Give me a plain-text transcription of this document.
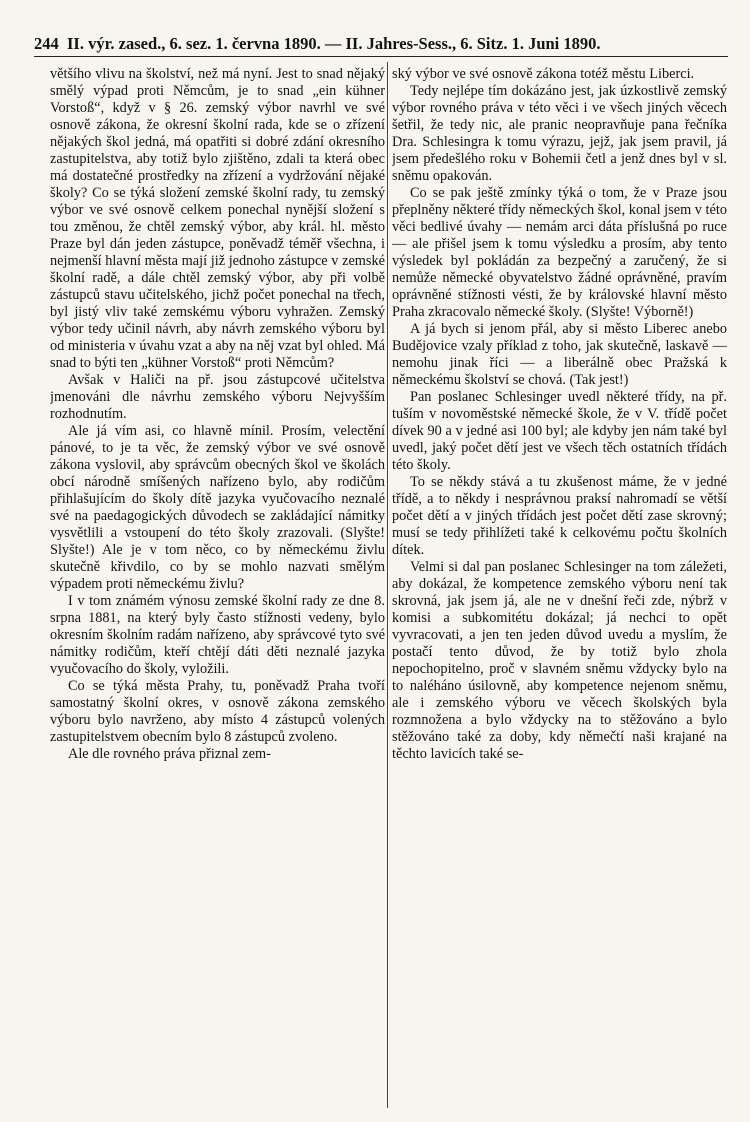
244 II. výr. zased., 6. sez. 1. června 1890. — II. Jahres-Sess., 6. Sitz. 1. Juni 1890.

většího vlivu na školství, než má nyní. Jest to snad nějaký smělý výpad proti Němcům, je to snad „ein kühner Vorstoß“, když v § 26. zemský výbor navrhl ve své osnově zákona, že okresní školní rada, kde se o zřízení nějakých škol jedná, má opatřiti si dobré zdání okresního zastupitelstva, aby totiž bylo zjištěno, zdali ta která obec má dostatečné prostředky na zřízení a vydržování nějaké školy? Co se týká složení zemské školní rady, tu zemský výbor ve své osnově celkem ponechal nynější složení s tou změnou, že chtěl zemský výbor, aby král. hl. město Praze byl dán jeden zástupce, poněvadž téměř všechna, i nejmenší hlavní města mají již jednoho zástupce v zemské školní radě, a dále chtěl zemský výbor, aby při volbě zástupců stavu učitelského, jichž počet ponechal na třech, byl jistý vliv také zemskému výboru vyhražen. Zemský výbor tedy učinil návrh, aby návrh zemského výboru byl od ministeria v úvahu vzat a aby na něj vzat byl ohled. Má snad to býti ten „kühner Vorstoß“ proti Němcům?

Avšak v Haliči na př. jsou zástupcové učitelstva jmenováni dle návrhu zemského výboru Nejvyšším rozhodnutím.

Ale já vím asi, co hlavně mínil. Prosím, velectění pánové, to je ta věc, že zemský výbor ve své osnově zákona vyslovil, aby správcům obecných škol ve školách obcí národně smíšených nařízeno bylo, aby rodičům přihlašujícím do školy dítě jazyka vyučovacího neznalé své na paedagogických důvodech se zakládající námitky vysvětlili a vstoupení do této školy zrazovali. (Slyšte! Slyšte!) Ale je v tom něco, co by německému živlu skutečně křivdilo, co by se mohlo nazvati smělým výpadem proti německému živlu?

I v tom známém výnosu zemské školní rady ze dne 8. srpna 1881, na který byly často stížnosti vedeny, bylo okresním školním radám nařízeno, aby správcové tyto své námitky rodičům, kteří chtějí dáti děti neznalé jazyka vyučovacího do školy, vyložili.

Co se týká města Prahy, tu, poněvadž Praha tvoří samostatný školní okres, v osnově zákona zemského výboru bylo navrženo, aby místo 4 zástupců volených zastupitelstvem obecním bylo 8 zástupců zvoleno.

Ale dle rovného práva přiznal zem-

ský výbor ve své osnově zákona totéž městu Liberci.

Tedy nejlépe tím dokázáno jest, jak úzkostlivě zemský výbor rovného práva v této věci i ve všech jiných věcech šetřil, že tedy nic, ale pranic neopravňuje pana řečníka Dra. Schlesingra k tomu výrazu, jejž, jak jsem pravil, já jsem předešlého roku v Bohemii četl a jenž dnes byl v sl. sněmu opakován.

Co se pak ještě zmínky týká o tom, že v Praze jsou přeplněny některé třídy německých škol, konal jsem v této věci bedlivé úvahy — nemám arci dáta příslušná po ruce — ale přišel jsem k tomu výsledku a prosím, aby tento výsledek byl pokládán za bezpečný a zaručený, že si nemůže německé obyvatelstvo žádné oprávněné, pravím oprávněné stížnosti vésti, že by královské hlavní město Praha zkracovalo německé školy. (Slyšte! Výborně!)

A já bych si jenom přál, aby si město Liberec anebo Budějovice vzaly příklad z toho, jak skutečně, laskavě — nemohu jinak říci — a liberálně obec Pražská k německému školství se chová. (Tak jest!)

Pan poslanec Schlesinger uvedl některé třídy, na př. tuším v novoměstské německé škole, že v V. třídě počet dívek 90 a v jedné asi 100 byl; ale kdyby jen nám také byl uvedl, jaký počet dětí jest ve všech těch ostatních třídách této školy.

To se někdy stává a tu zkušenost máme, že v jedné třídě, a to někdy i nesprávnou praksí nahromadí se větší počet dětí a v jiných třídách jest počet dětí zase skrovný; musí se tedy přihlížeti také k celkovému počtu školních dítek.

Velmi si dal pan poslanec Schlesinger na tom záležeti, aby dokázal, že kompetence zemského výboru není tak skrovná, jak jsem já, ale ne v dnešní řeči zde, nýbrž v komisi a subkomitétu dokázal; já nechci to opět vyvracovati, a jen ten jeden důvod uvedu a myslím, že postačí tento důvod, že by totiž bylo zhola nepochopitelno, proč v slavném sněmu vždycky bylo na to naléháno úsilovně, aby kompetence nejenom sněmu, ale i zemského výboru ve věcech školských byla rozmnožena a bylo vždycky na to stěžováno a bylo stěžováno také za doby, kdy němečtí naši krajané na těchto lavicích také se-
